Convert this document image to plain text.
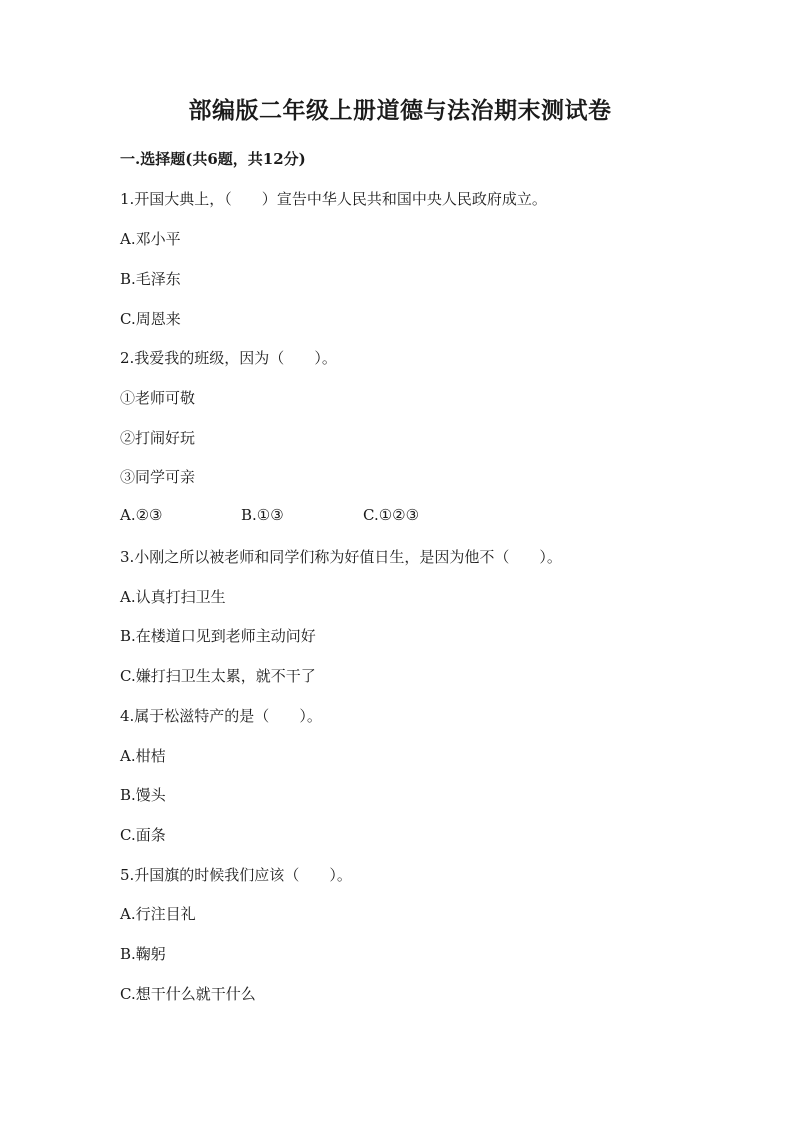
部编版二年级上册道德与法治期末测试卷
一.选择题(共6题，共12分)
1.开国大典上，（　　）宣告中华人民共和国中央人民政府成立。
A.邓小平
B.毛泽东
C.周恩来
2.我爱我的班级，因为（　　）。
①老师可敬
②打闹好玩
③同学可亲
A.②③	B.①③	C.①②③
3.小刚之所以被老师和同学们称为好值日生，是因为他不（　　）。
A.认真打扫卫生
B.在楼道口见到老师主动问好
C.嫌打扫卫生太累，就不干了
4.属于松滋特产的是（　　）。
A.柑桔
B.馒头
C.面条
5.升国旗的时候我们应该（　　）。
A.行注目礼
B.鞠躬
C.想干什么就干什么
